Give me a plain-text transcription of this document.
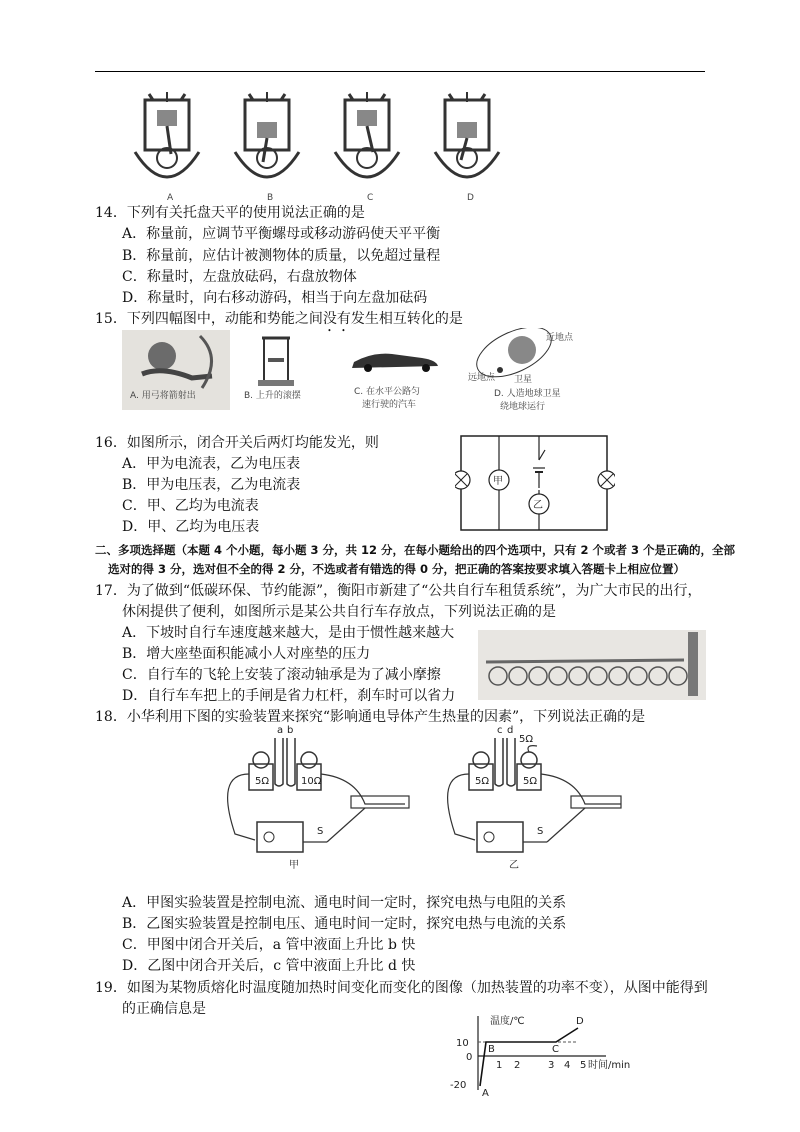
A	B	C	D
14．下列有关托盘天平的使用说法正确的是
A．称量前，应调节平衡螺母或移动游码使天平平衡
B．称量前，应估计被测物体的质量，以免超过量程
C．称量时，左盘放砝码，右盘放物体
D．称量时，向右移动游码，相当于向左盘加砝码
15．下列四幅图中，动能和势能之间没有发生相互转化的是
A. 用弓将箭射出	B. 上升的滚摆	C. 在水平公路匀
速行驶的汽车
近地点
远地点 卫星
D. 人造地球卫星
绕地球运行
16．如图所示，闭合开关后两灯均能发光，则
A．甲为电流表，乙为电压表
B．甲为电压表，乙为电流表
C．甲、乙均为电流表
D．甲、乙均为电压表
甲
乙
二、多项选择题（本题 4 个小题，每小题 3 分，共 12 分，在每小题给出的四个选项中，只有 2 个或者 3 个是正确的，全部
选对的得 3 分，选对但不全的得 2 分，不选或者有错选的得 0 分，把正确的答案按要求填入答题卡上相应位置）
17．为了做到“低碳环保、节约能源”，衡阳市新建了“公共自行车租赁系统”，为广大市民的出行，
休闲提供了便利，如图所示是某公共自行车存放点，下列说法正确的是
A．下坡时自行车速度越来越大，是由于惯性越来越大
B．增大座垫面积能减小人对座垫的压力
C．自行车的飞轮上安装了滚动轴承是为了减小摩擦
D．自行车车把上的手闸是省力杠杆，刹车时可以省力
18．小华利用下图的实验装置来探究“影响通电导体产生热量的因素”，下列说法正确的是
a b
5Ω	10Ω
S
甲
c d
5Ω
5Ω	5Ω
S
乙
A．甲图实验装置是控制电流、通电时间一定时，探究电热与电阻的关系
B．乙图实验装置是控制电压、通电时间一定时，探究电热与电流的关系
C．甲图中闭合开关后，a 管中液面上升比 b 快
D．乙图中闭合开关后，c 管中液面上升比 d 快
19．如图为某物质熔化时温度随加热时间变化而变化的图像（加热装置的功率不变），从图中能得到
的正确信息是
温度/℃
时间/min
0
10
-20
1 2	3 4 5
A
B	C
D
